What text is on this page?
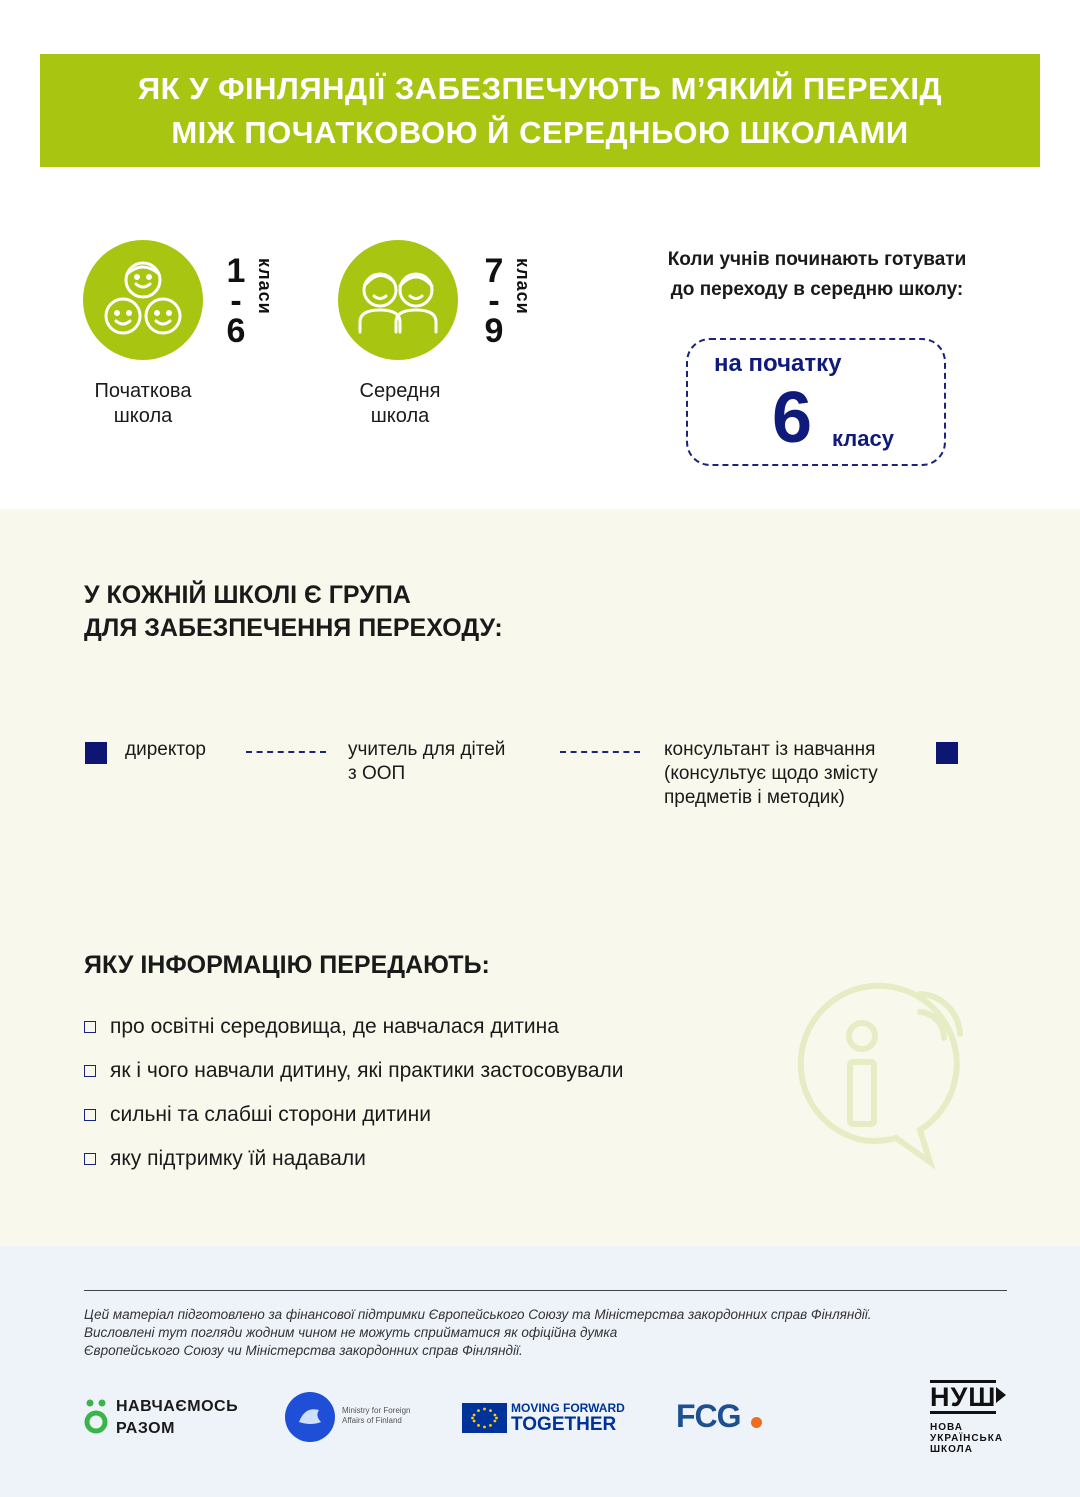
ЯК У ФІНЛЯНДІЇ ЗАБЕЗПЕЧУЮТЬ М’ЯКИЙ ПЕРЕХІД
МІЖ ПОЧАТКОВОЮ Й СЕРЕДНЬОЮ ШКОЛАМИ
1
-
6
класи
Початкова
школа
7
-
9
класи
Середня
школа
Коли учнів починають готувати
до переходу в середню школу:
на початку
6 класу
У КОЖНІЙ ШКОЛІ Є ГРУПА
ДЛЯ ЗАБЕЗПЕЧЕННЯ ПЕРЕХОДУ:
директор	учитель для дітей
з ООП
консультант із навчання
(консультує щодо змісту
предметів і методик)
ЯКУ ІНФОРМАЦІЮ ПЕРЕДАЮТЬ:
про освітні середовища, де навчалася дитина
як і чого навчали дитину, які практики застосовували
сильні та слабші сторони дитини
яку підтримку їй надавали
Цей матеріал підготовлено за фінансової підтримки Європейського Союзу та Міністерства закордонних справ Фінляндії.
Висловлені тут погляди жодним чином не можуть сприйматися як офіційна думка
Європейського Союзу чи Міністерства закордонних справ Фінляндії.
НАВЧАЄМОСЬ
РАЗОМ
Ministry for Foreign
Affairs of Finland
MOVING FORWARD
TOGETHER FCG
НУШ
НОВА
УКРАЇНСЬКА
ШКОЛА
